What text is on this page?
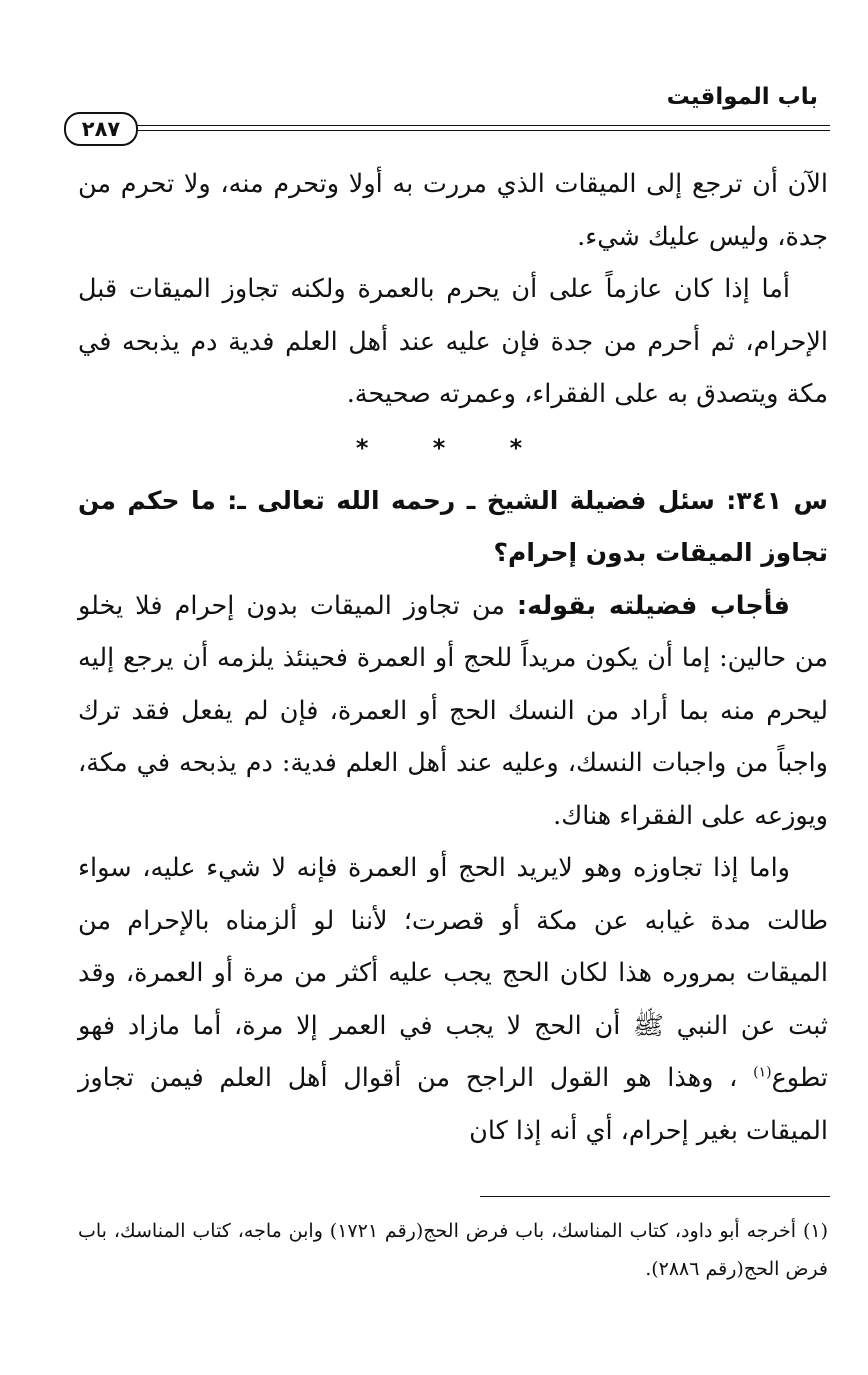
باب المواقيت
٢٨٧

الآن أن ترجع إلى الميقات الذي مررت به أولا وتحرم منه، ولا تحرم من جدة، وليس عليك شيء.

أما إذا كان عازماً على أن يحرم بالعمرة ولكنه تجاوز الميقات قبل الإحرام، ثم أحرم من جدة فإن عليه عند أهل العلم فدية دم يذبحه في مكة ويتصدق به على الفقراء، وعمرته صحيحة.

* * *

س ٣٤١: سئل فضيلة الشيخ ـ رحمه الله تعالى ـ: ما حكم من تجاوز الميقات بدون إحرام؟

فأجاب فضيلته بقوله: من تجاوز الميقات بدون إحرام فلا يخلو من حالين: إما أن يكون مريداً للحج أو العمرة فحينئذ يلزمه أن يرجع إليه ليحرم منه بما أراد من النسك الحج أو العمرة، فإن لم يفعل فقد ترك واجباً من واجبات النسك، وعليه عند أهل العلم فدية: دم يذبحه في مكة، ويوزعه على الفقراء هناك.

واما إذا تجاوزه وهو لايريد الحج أو العمرة فإنه لا شيء عليه، سواء طالت مدة غيابه عن مكة أو قصرت؛ لأننا لو ألزمناه بالإحرام من الميقات بمروره هذا لكان الحج يجب عليه أكثر من مرة أو العمرة، وقد ثبت عن النبي ﷺ أن الحج لا يجب في العمر إلا مرة، أما مازاد فهو تطوع$^{(١)}$ ، وهذا هو القول الراجح من أقوال أهل العلم فيمن تجاوز الميقات بغير إحرام، أي أنه إذا كان

(١) أخرجه أبو داود، كتاب المناسك، باب فرض الحج(رقم ١٧٢١) وابن ماجه، كتاب المناسك، باب فرض الحج(رقم ٢٨٨٦).
